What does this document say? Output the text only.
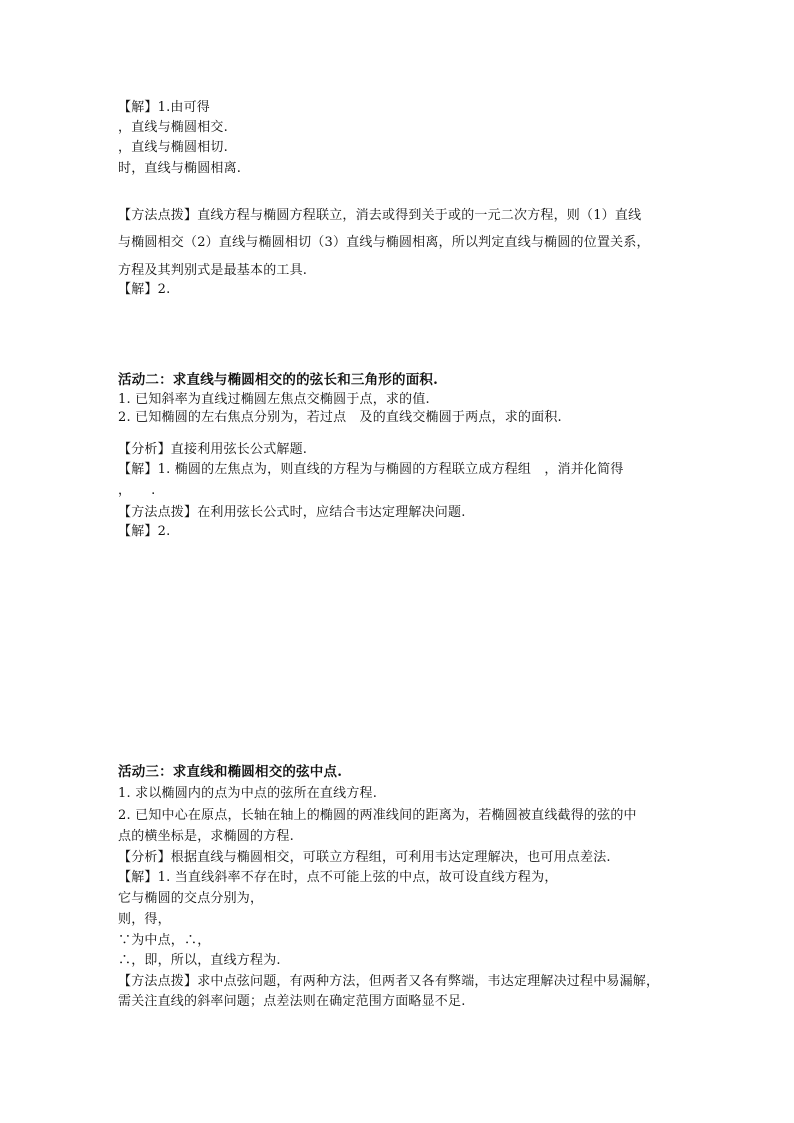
【解】1.由可得
，直线与椭圆相交.
，直线与椭圆相切.
时，直线与椭圆相离.
【方法点拨】直线方程与椭圆方程联立，消去或得到关于或的一元二次方程，则（1）直线
与椭圆相交（2）直线与椭圆相切（3）直线与椭圆相离，所以判定直线与椭圆的位置关系，
方程及其判别式是最基本的工具.
【解】2.
活动二：求直线与椭圆相交的的弦长和三角形的面积.
1. 已知斜率为直线过椭圆左焦点交椭圆于点，求的值.
2. 已知椭圆的左右焦点分别为，若过点　及的直线交椭圆于两点，求的面积.
【分析】直接利用弦长公式解题.
【解】1. 椭圆的左焦点为，则直线的方程为与椭圆的方程联立成方程组　，消并化简得
，　　.
【方法点拨】在利用弦长公式时，应结合韦达定理解决问题.
【解】2.
活动三：求直线和椭圆相交的弦中点.
1. 求以椭圆内的点为中点的弦所在直线方程.
2. 已知中心在原点，长轴在轴上的椭圆的两准线间的距离为，若椭圆被直线截得的弦的中
点的横坐标是，求椭圆的方程.
【分析】根据直线与椭圆相交，可联立方程组，可利用韦达定理解决，也可用点差法.
【解】1. 当直线斜率不存在时，点不可能上弦的中点，故可设直线方程为，
它与椭圆的交点分别为，
则，得，
∵为中点，∴，
∴，即，所以，直线方程为.
【方法点拨】求中点弦问题，有两种方法，但两者又各有弊端，韦达定理解决过程中易漏解，
需关注直线的斜率问题；点差法则在确定范围方面略显不足.
